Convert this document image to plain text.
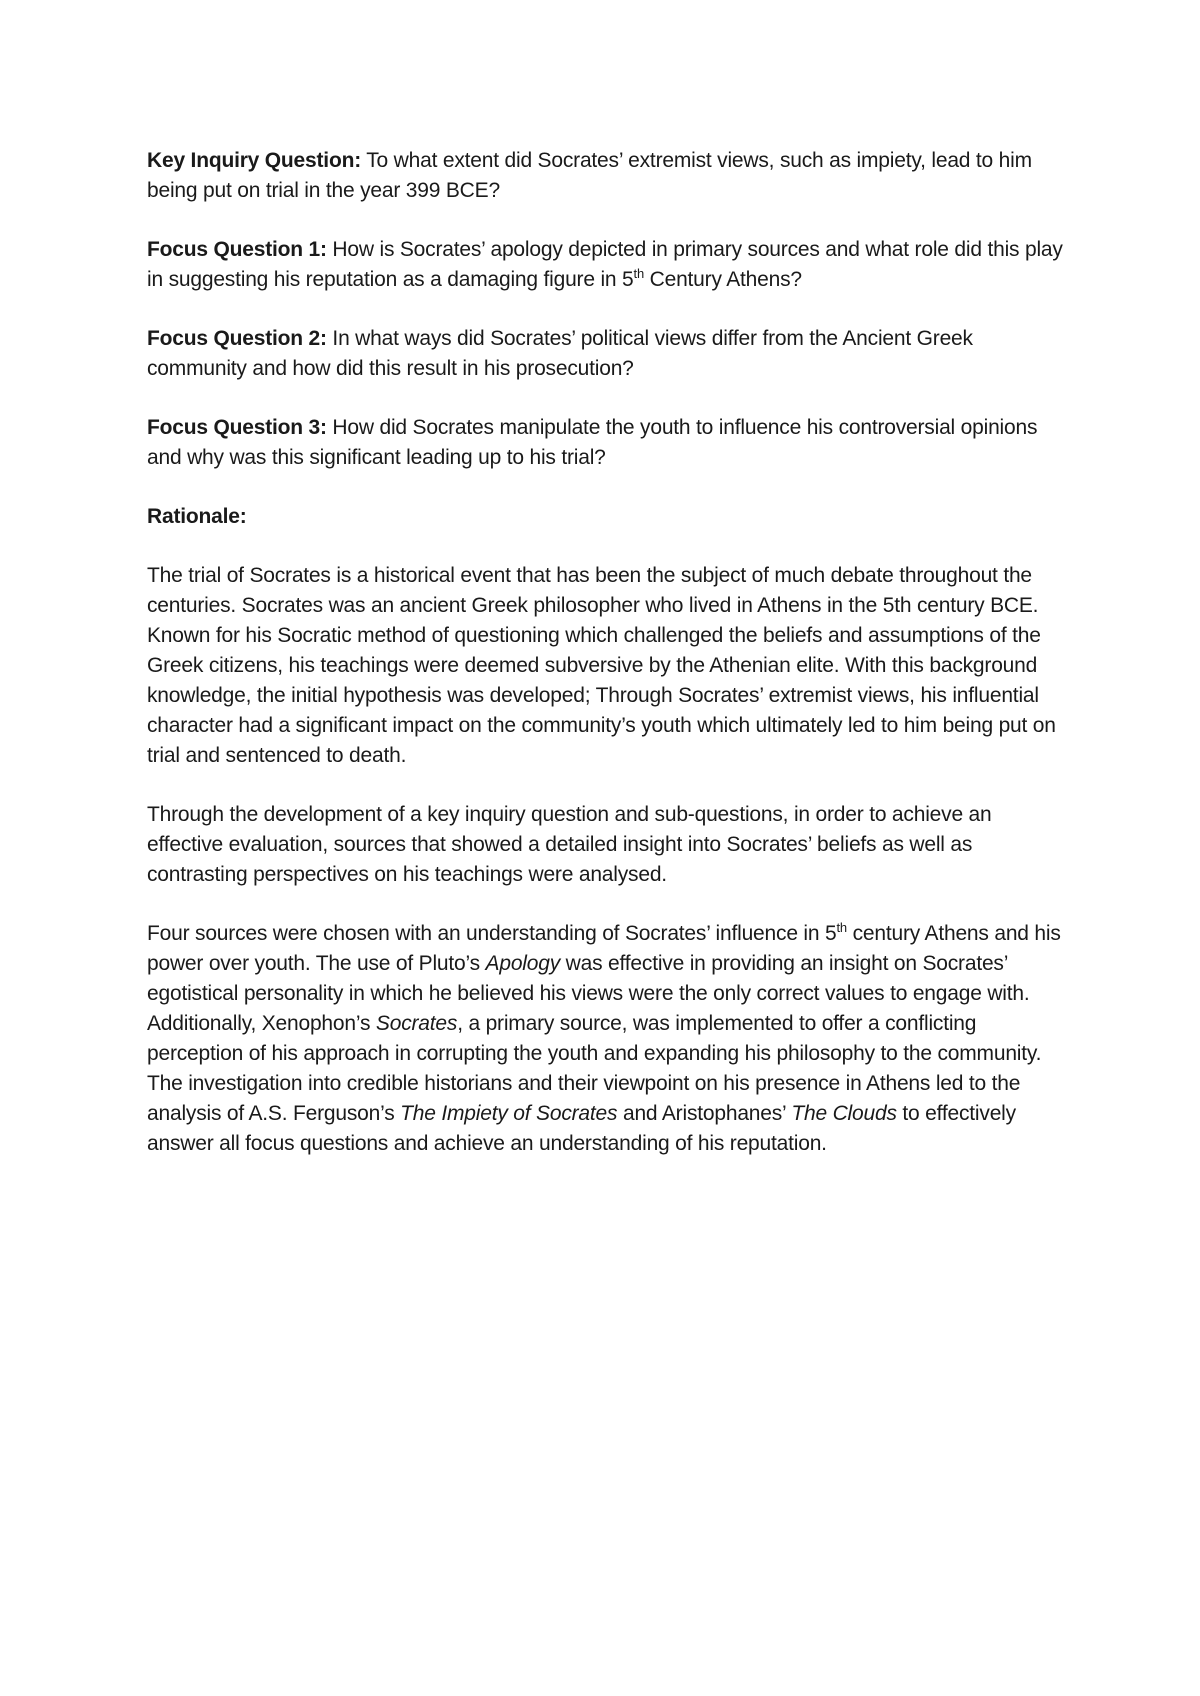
Key Inquiry Question: To what extent did Socrates’ extremist views, such as impiety, lead to him being put on trial in the year 399 BCE?

Focus Question 1: How is Socrates’ apology depicted in primary sources and what role did this play in suggesting his reputation as a damaging figure in 5th Century Athens?

Focus Question 2: In what ways did Socrates’ political views differ from the Ancient Greek community and how did this result in his prosecution?

Focus Question 3: How did Socrates manipulate the youth to influence his controversial opinions and why was this significant leading up to his trial?

Rationale:

The trial of Socrates is a historical event that has been the subject of much debate throughout the centuries. Socrates was an ancient Greek philosopher who lived in Athens in the 5th century BCE. Known for his Socratic method of questioning which challenged the beliefs and assumptions of the Greek citizens, his teachings were deemed subversive by the Athenian elite. With this background knowledge, the initial hypothesis was developed; Through Socrates’ extremist views, his influential character had a significant impact on the community’s youth which ultimately led to him being put on trial and sentenced to death.

Through the development of a key inquiry question and sub-questions, in order to achieve an effective evaluation, sources that showed a detailed insight into Socrates’ beliefs as well as contrasting perspectives on his teachings were analysed.

Four sources were chosen with an understanding of Socrates’ influence in 5th century Athens and his power over youth. The use of Pluto’s Apology was effective in providing an insight on Socrates’ egotistical personality in which he believed his views were the only correct values to engage with. Additionally, Xenophon’s Socrates, a primary source, was implemented to offer a conflicting perception of his approach in corrupting the youth and expanding his philosophy to the community. The investigation into credible historians and their viewpoint on his presence in Athens led to the analysis of A.S. Ferguson’s The Impiety of Socrates and Aristophanes’ The Clouds to effectively answer all focus questions and achieve an understanding of his reputation.
